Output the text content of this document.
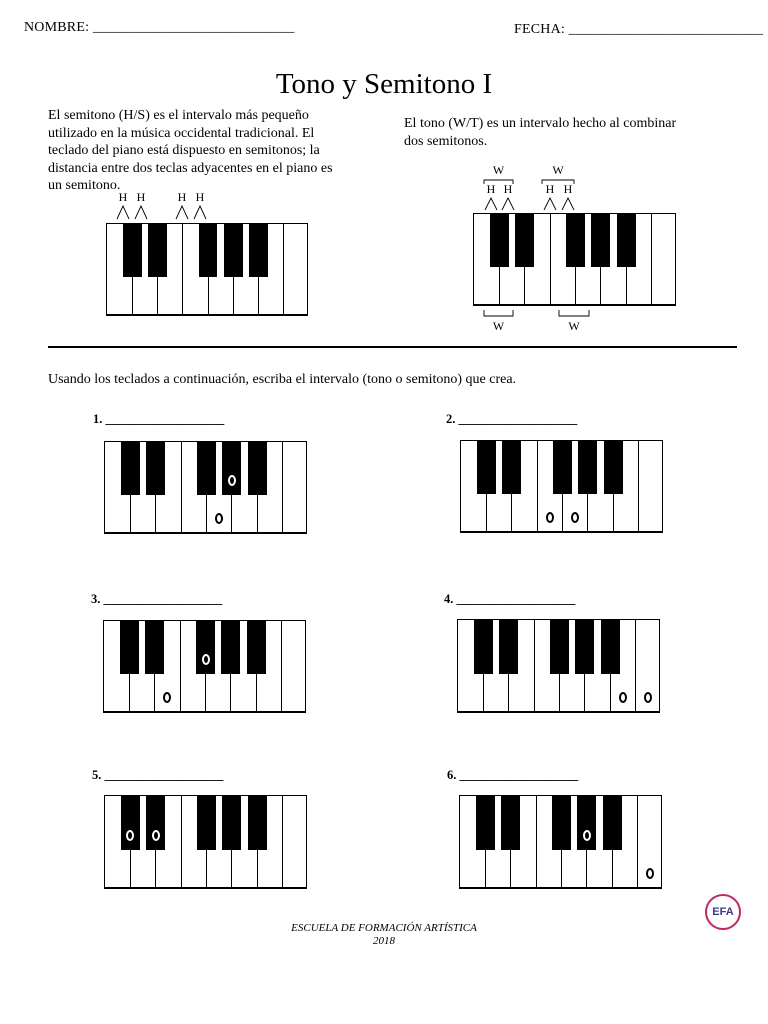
NOMBRE: ____________________________	FECHA: ___________________________
Tono y Semitono I
El semitono (H/S) es el intervalo más pequeño
utilizado en la música occidental tradicional. El
teclado del piano está dispuesto en semitonos; la
distancia entre dos teclas adyacentes en el piano es
un semitono.
El tono (W/T) es un intervalo hecho al combinar
dos semitonos.
H H	H H
W
H H
W
H H
W	W
Usando los teclados a continuación, escriba el intervalo (tono o semitono) que crea.
1. ___________________	2. ___________________
3. ___________________	4. ___________________
5. ___________________	6. ___________________
ESCUELA DE FORMACIÓN ARTÍSTICA
2018
EFA
